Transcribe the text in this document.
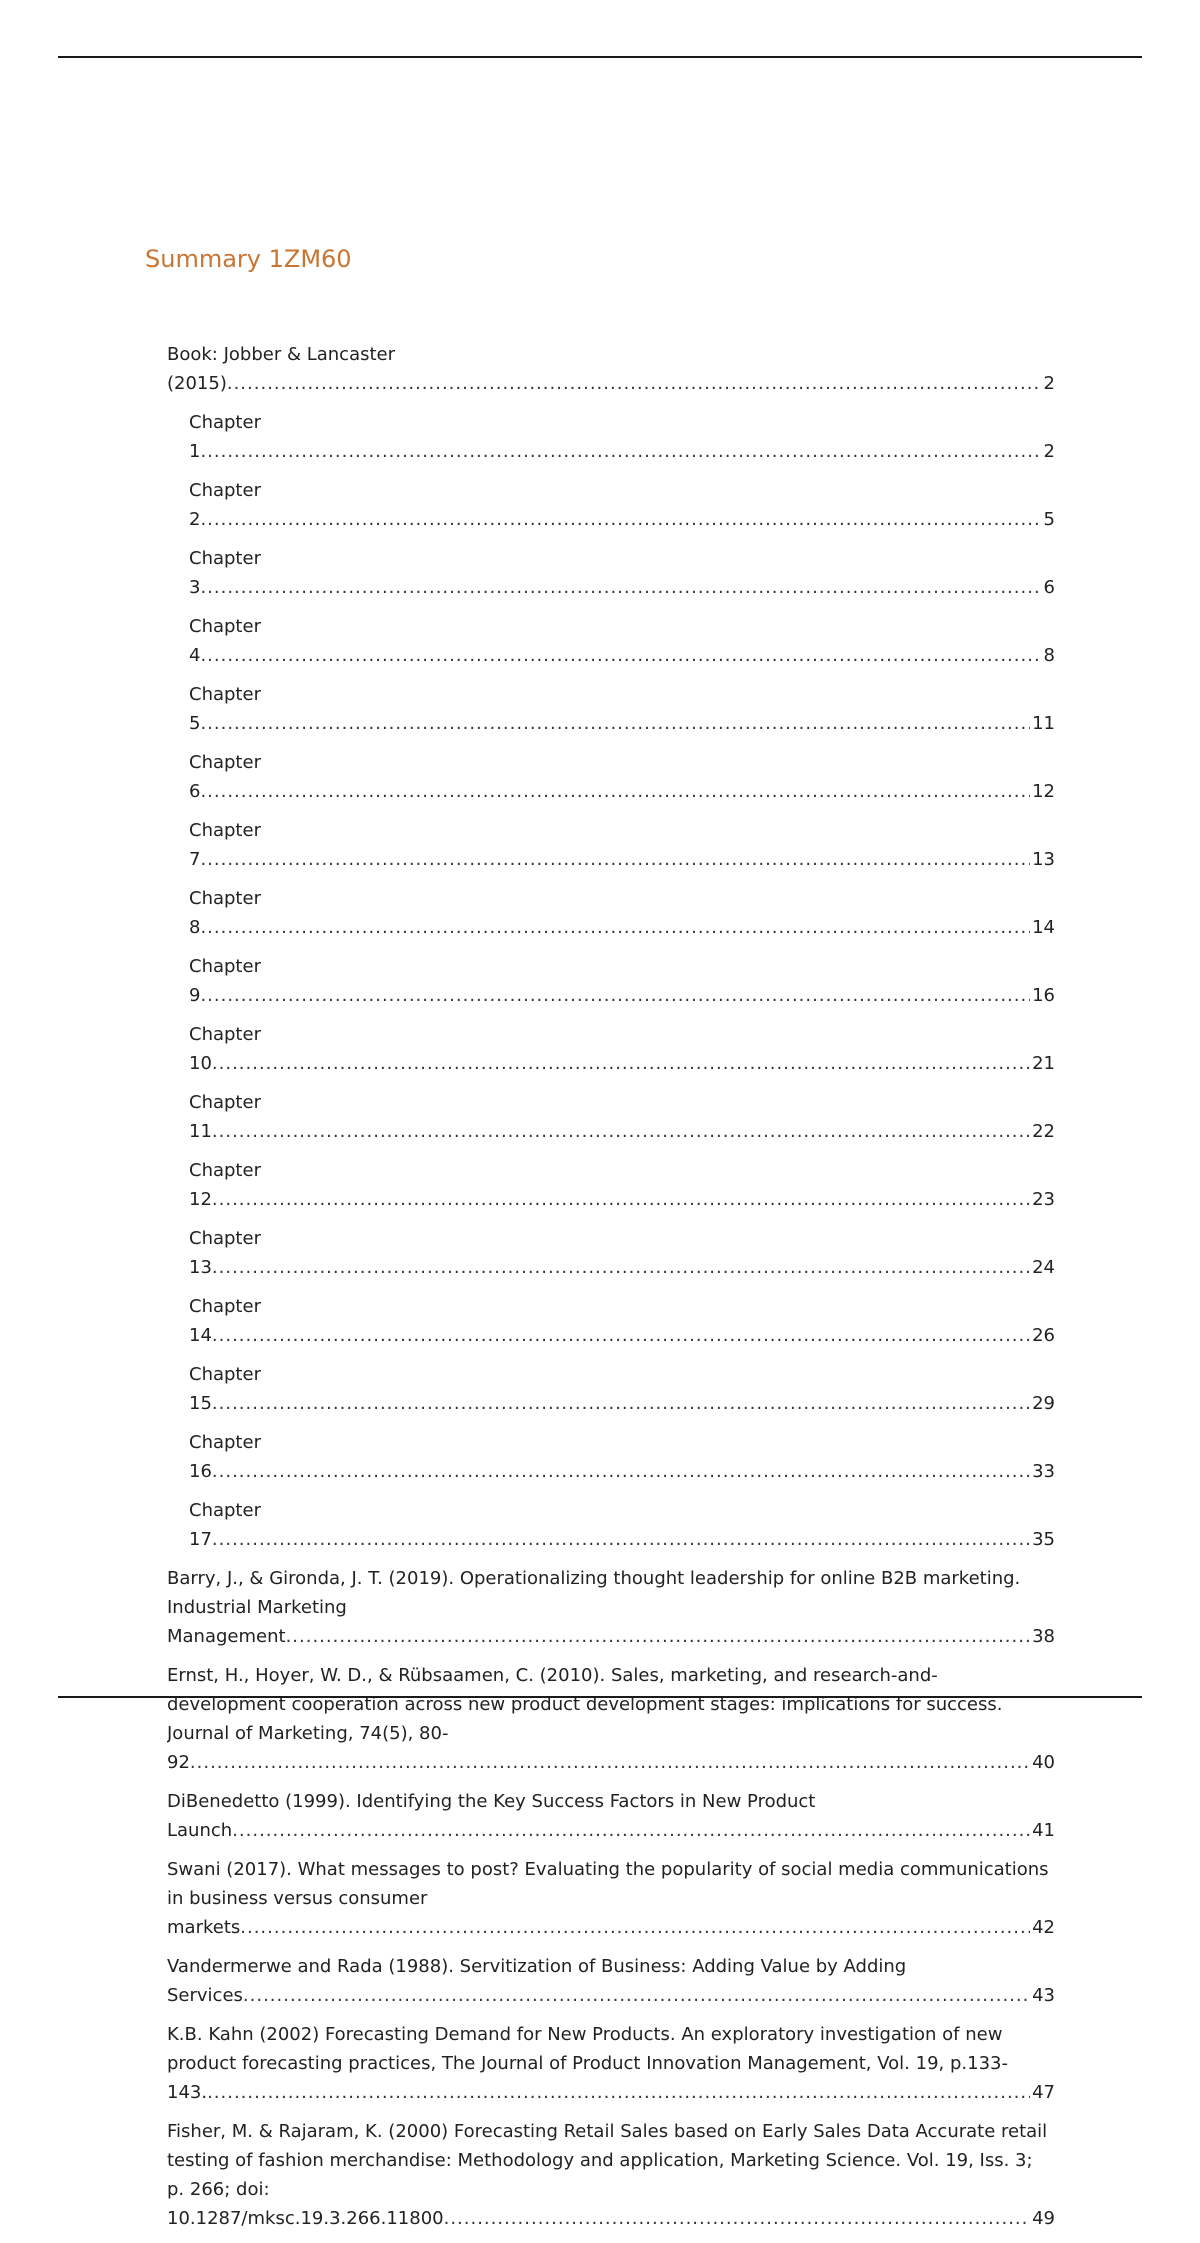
Summary 1ZM60
Book: Jobber & Lancaster (2015) .....	2
Chapter 1 .....	2
Chapter 2 .....	5
Chapter 3 .....	6
Chapter 4 .....	8
Chapter 5 .....	11
Chapter 6 .....	12
Chapter 7 .....	13
Chapter 8 .....	14
Chapter 9 .....	16
Chapter 10 .....	21
Chapter 11 .....	22
Chapter 12 .....	23
Chapter 13 .....	24
Chapter 14 .....	26
Chapter 15 .....	29
Chapter 16 .....	33
Chapter 17 .....	35
Barry, J., & Gironda, J. T. (2019). Operationalizing thought leadership for online B2B marketing. Industrial Marketing Management .....	38
Ernst, H., Hoyer, W. D., & Rübsaamen, C. (2010). Sales, marketing, and research-and-development cooperation across new product development stages: implications for success. Journal of Marketing, 74(5), 80-92 .....	40
DiBenedetto (1999). Identifying the Key Success Factors in New Product Launch .....	41
Swani (2017). What messages to post? Evaluating the popularity of social media communications in business versus consumer markets .....	42
Vandermerwe and Rada (1988). Servitization of Business: Adding Value by Adding Services .....	43
K.B. Kahn (2002) Forecasting Demand for New Products. An exploratory investigation of new product forecasting practices, The Journal of Product Innovation Management, Vol. 19, p.133-143. .....	47
Fisher, M. & Rajaram, K. (2000) Forecasting Retail Sales based on Early Sales Data Accurate retail testing of fashion merchandise: Methodology and application, Marketing Science. Vol. 19, Iss. 3; p. 266; doi: 10.1287/mksc.19.3.266.11800 .....	49
